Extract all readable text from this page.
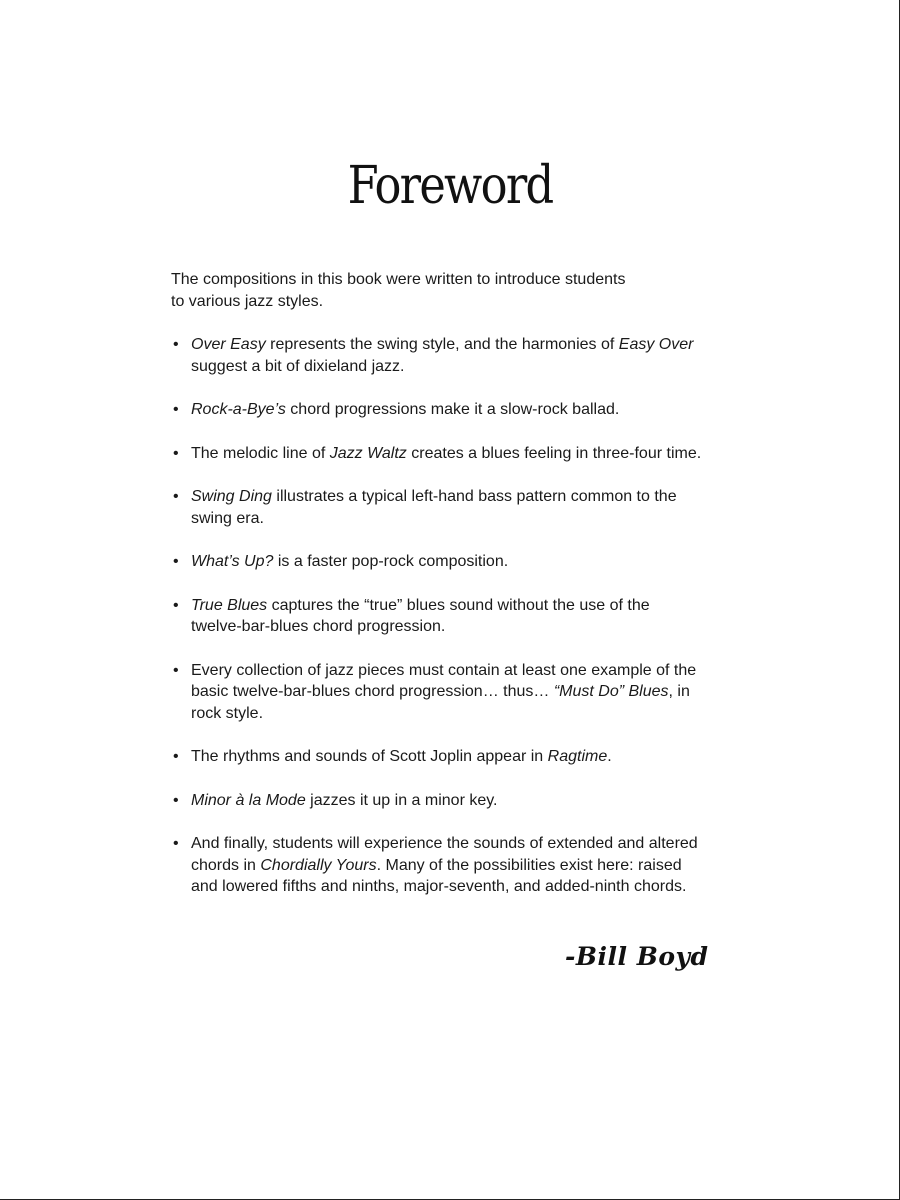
Foreword

The compositions in this book were written to introduce students
to various jazz styles.

• Over Easy represents the swing style, and the harmonies of Easy Over
suggest a bit of dixieland jazz.
• Rock-a-Bye’s chord progressions make it a slow-rock ballad.
• The melodic line of Jazz Waltz creates a blues feeling in three-four time.
• Swing Ding illustrates a typical left-hand bass pattern common to the
swing era.
• What’s Up? is a faster pop-rock composition.
• True Blues captures the “true” blues sound without the use of the
twelve-bar-blues chord progression.
• Every collection of jazz pieces must contain at least one example of the
basic twelve-bar-blues chord progression… thus… “Must Do” Blues, in
rock style.
• The rhythms and sounds of Scott Joplin appear in Ragtime.
• Minor à la Mode jazzes it up in a minor key.
• And finally, students will experience the sounds of extended and altered
chords in Chordially Yours. Many of the possibilities exist here: raised
and lowered fifths and ninths, major-seventh, and added-ninth chords.
-Bill Boyd
